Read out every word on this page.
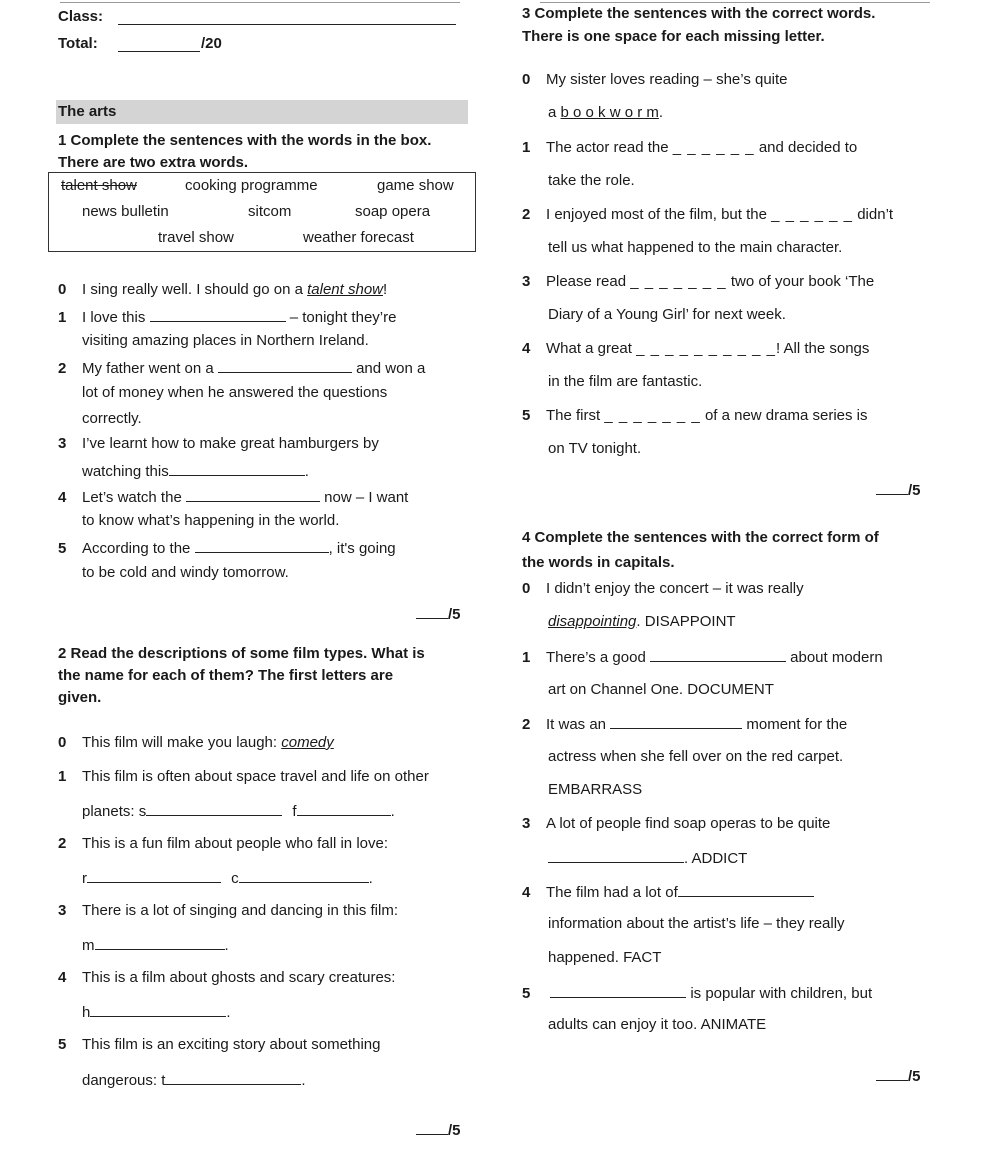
Class:
Total:	/20
The arts
1 Complete the sentences with the words in the box.
There are two extra words.
talent show	cooking programme	game show
news bulletin	sitcom	soap opera
travel show	weather forecast
0 I sing really well. I should go on a talent show!
1 I love this	– tonight they’re
visiting amazing places in Northern Ireland.
2 My father went on a	and won a
lot of money when he answered the questions
correctly.
3 I’ve learnt how to make great hamburgers by
watching this	.
4 Let’s watch the	now – I want
to know what’s happening in the world.
5 According to the	, it's going
to be cold and windy tomorrow.
/5
2 Read the descriptions of some film types. What is
the name for each of them? The first letters are
given.
0 This film will make you laugh: comedy
1 This film is often about space travel and life on other
planets: s	f	.
2 This is a fun film about people who fall in love:
r	c	.
3 There is a lot of singing and dancing in this film:
m	.
4 This is a film about ghosts and scary creatures:
h	.
5 This film is an exciting story about something
dangerous: t	.
/5
3 Complete the sentences with the correct words.
There is one space for each missing letter.
0 My sister loves reading – she’s quite
a b o o k w o r m.
1 The actor read the _ _ _ _ _ _ and decided to
take the role.
2 I enjoyed most of the film, but the _ _ _ _ _ _ didn’t
tell us what happened to the main character.
3 Please read _ _ _ _ _ _ _ two of your book ‘The
Diary of a Young Girl’ for next week.
4 What a great _ _ _ _ _ _ _ _ _ _! All the songs
in the film are fantastic.
5 The first _ _ _ _ _ _ _ of a new drama series is
on TV tonight.
/5
4 Complete the sentences with the correct form of
the words in capitals.
0 I didn’t enjoy the concert – it was really
disappointing. DISAPPOINT
1 There’s a good	about modern
art on Channel One. DOCUMENT
2 It was an	moment for the
actress when she fell over on the red carpet.
EMBARRASS
3 A lot of people find soap operas to be quite
. ADDICT
4 The film had a lot of
information about the artist’s life – they really
happened. FACT
5	is popular with children, but
adults can enjoy it too. ANIMATE
/5
